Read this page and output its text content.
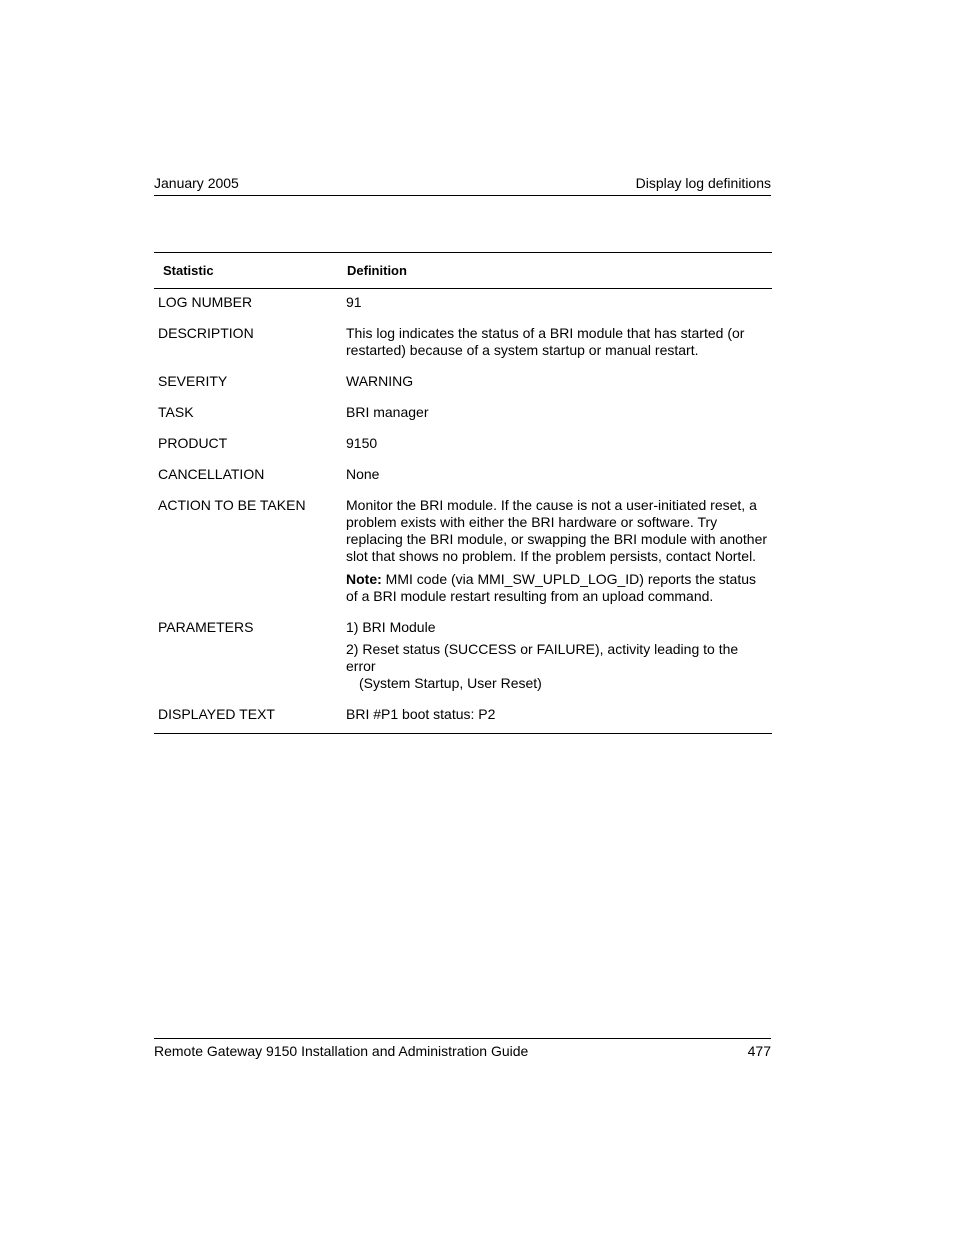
January 2005	Display log definitions
Statistic	Definition
LOG NUMBER	91
DESCRIPTION	This log indicates the status of a BRI module that has started (or restarted) because of a system startup or manual restart.
SEVERITY	WARNING
TASK	BRI manager
PRODUCT	9150
CANCELLATION	None
ACTION TO BE TAKEN	Monitor the BRI module. If the cause is not a user-initiated reset, a problem exists with either the BRI hardware or software. Try replacing the BRI module, or swapping the BRI module with another slot that shows no problem. If the problem persists, contact Nortel.
Note: MMI code (via MMI_SW_UPLD_LOG_ID) reports the status of a BRI module restart resulting from an upload command.

PARAMETERS	1) BRI Module
2) Reset status (SUCCESS or FAILURE), activity leading to the error
(System Startup, User Reset)

DISPLAYED TEXT	BRI #P1 boot status: P2
Remote Gateway 9150 Installation and Administration Guide	477
